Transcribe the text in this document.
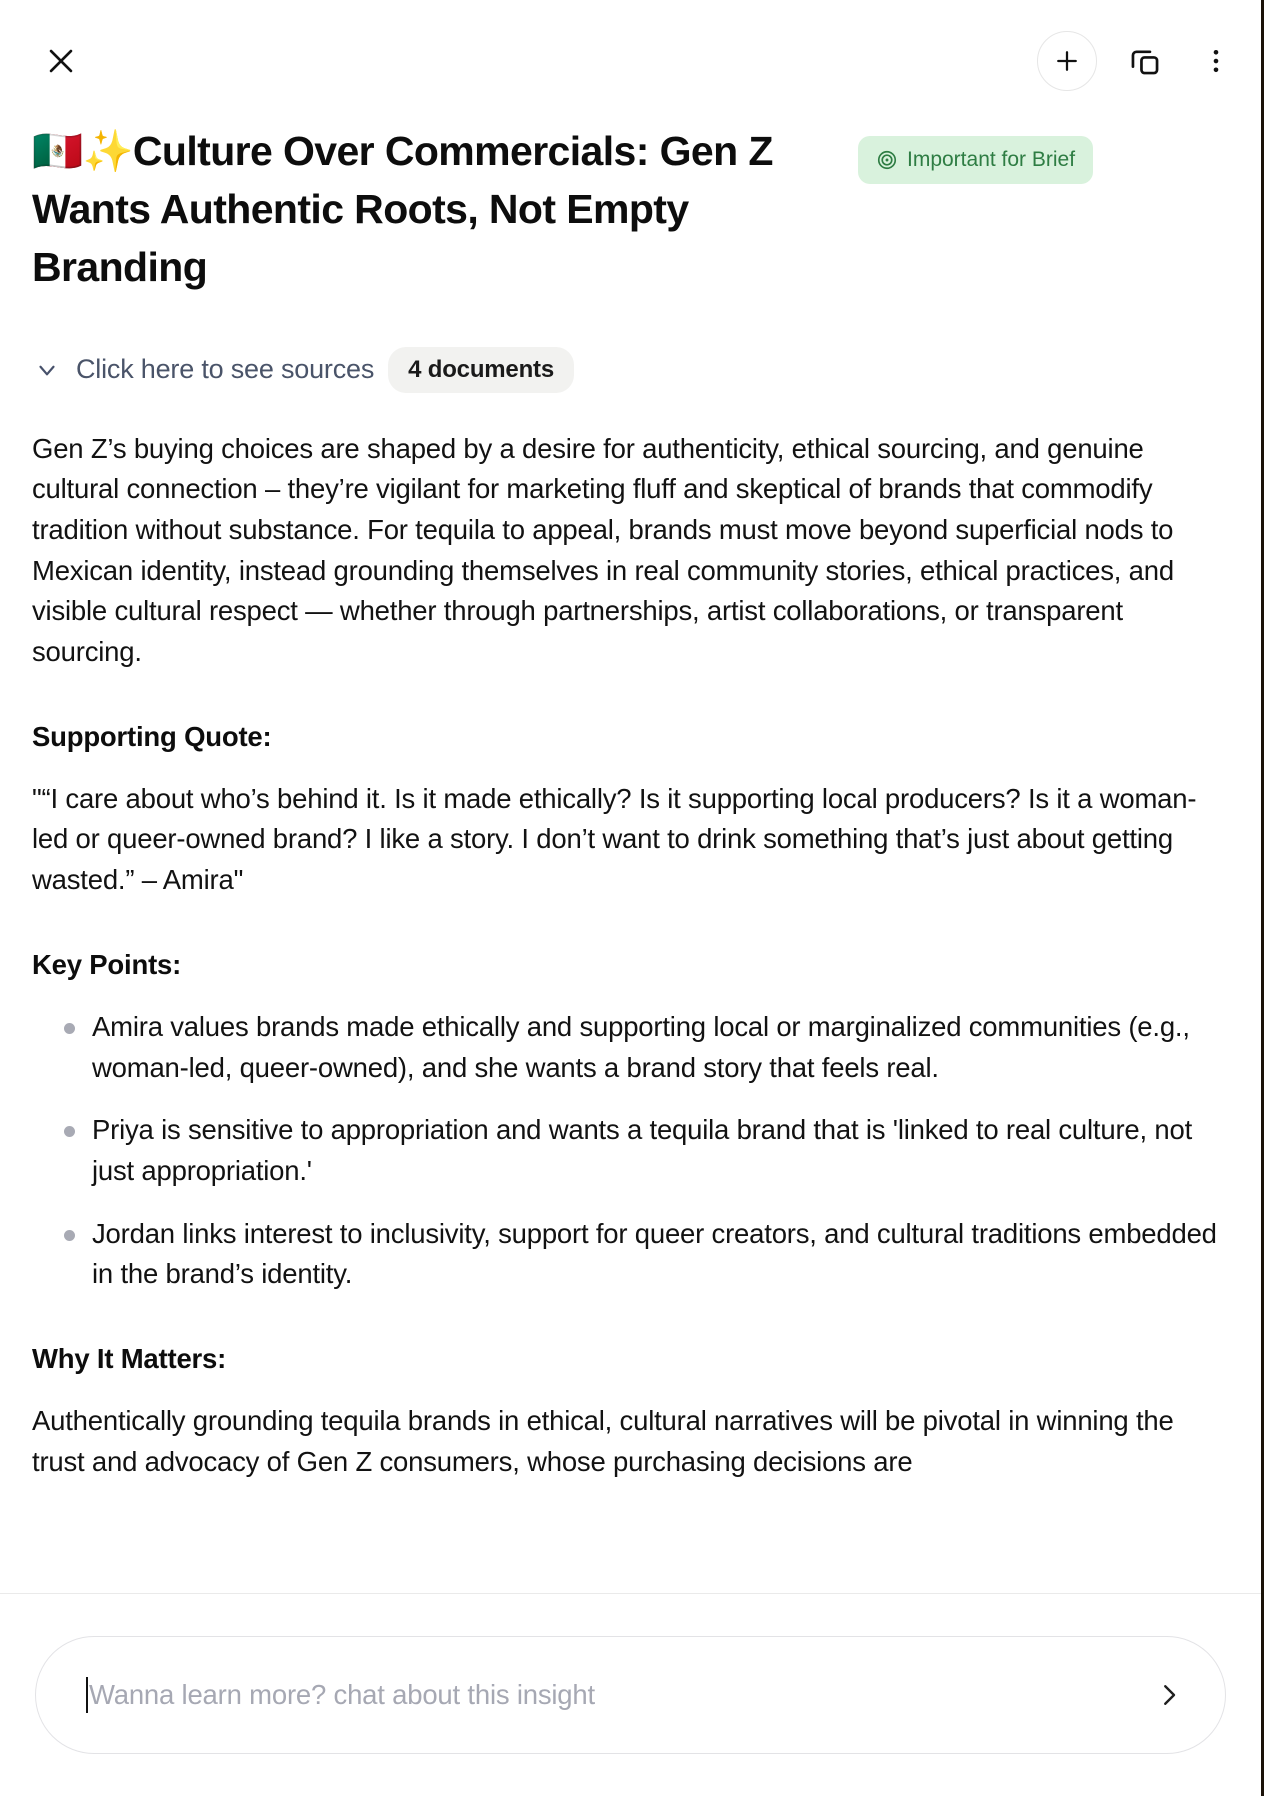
🇲🇽✨Culture Over Commercials: Gen Z Wants Authentic Roots, Not Empty Branding
Important for Brief
Click here to see sources	4 documents

Gen Z’s buying choices are shaped by a desire for authenticity, ethical sourcing, and genuine cultural connection – they’re vigilant for marketing fluff and skeptical of brands that commodify tradition without substance. For tequila to appeal, brands must move beyond superficial nods to Mexican identity, instead grounding themselves in real community stories, ethical practices, and visible cultural respect — whether through partnerships, artist collaborations, or transparent sourcing.

Supporting Quote:

"“I care about who’s behind it. Is it made ethically? Is it supporting local producers? Is it a woman-led or queer-owned brand? I like a story. I don’t want to drink something that’s just about getting wasted.” – Amira"

Key Points:

Amira values brands made ethically and supporting local or marginalized communities (e.g., woman-led, queer-owned), and she wants a brand story that feels real.
Priya is sensitive to appropriation and wants a tequila brand that is 'linked to real culture, not just appropriation.'
Jordan links interest to inclusivity, support for queer creators, and cultural traditions embedded in the brand’s identity.

Why It Matters:

Authentically grounding tequila brands in ethical, cultural narratives will be pivotal in winning the trust and advocacy of Gen Z consumers, whose purchasing decisions are

Wanna learn more? chat about this insight
